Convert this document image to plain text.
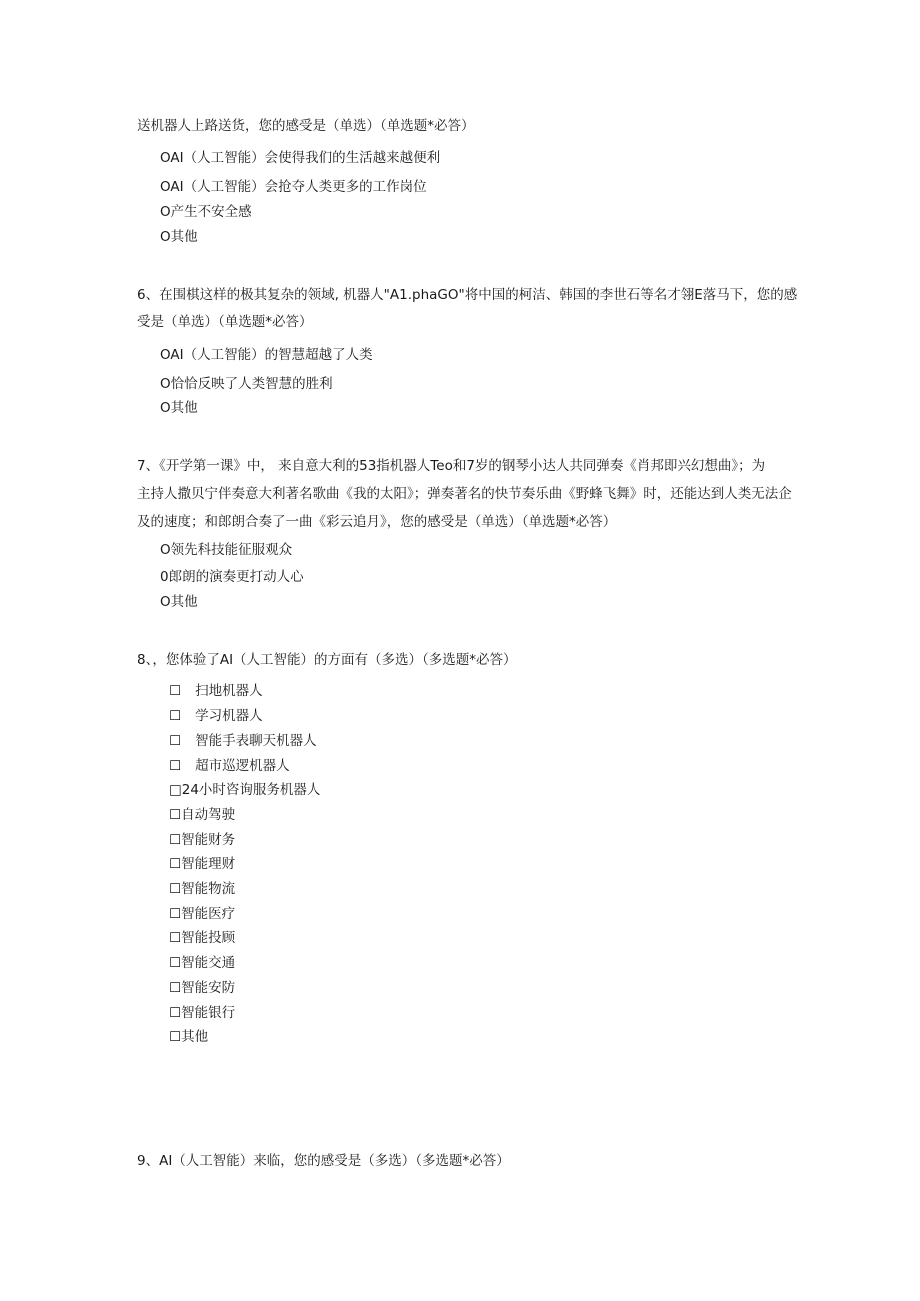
送机器人上路送货，您的感受是（单选）（单选题*必答）
OAI（人工智能）会使得我们的生活越来越便利
OAI（人工智能）会抢夺人类更多的工作岗位
O产生不安全感
O其他
6、在围棋这样的极其复杂的领域, 机器人"A1.phaGO"将中国的柯洁、韩国的李世石等名才翎E落马下，您的感
受是（单选）（单选题*必答）
OAI（人工智能）的智慧超越了人类
O恰恰反映了人类智慧的胜利
O其他
7、《开学第一课》中， 来自意大利的53指机器人Teo和7岁的钢琴小达人共同弹奏《肖邦即兴幻想曲》；为
主持人撒贝宁伴奏意大利著名歌曲《我的太阳》；弹奏著名的快节奏乐曲《野蜂飞舞》时，还能达到人类无法企
及的速度；和郎朗合奏了一曲《彩云追月》，您的感受是（单选）（单选题*必答）
O领先科技能征服观众
0郎朗的演奏更打动人心
O其他
8、，您体验了AI（人工智能）的方面有（多选）（多选题*必答）
☐ 扫地机器人
☐ 学习机器人
☐ 智能手表聊天机器人
☐ 超市巡逻机器人
□24小时咨询服务机器人
☐自动驾驶
☐智能财务
☐智能理财
☐智能物流
☐智能医疗
☐智能投顾
☐智能交通
☐智能安防
☐智能银行
☐其他
9、AI（人工智能）来临，您的感受是（多选）（多选题*必答）
